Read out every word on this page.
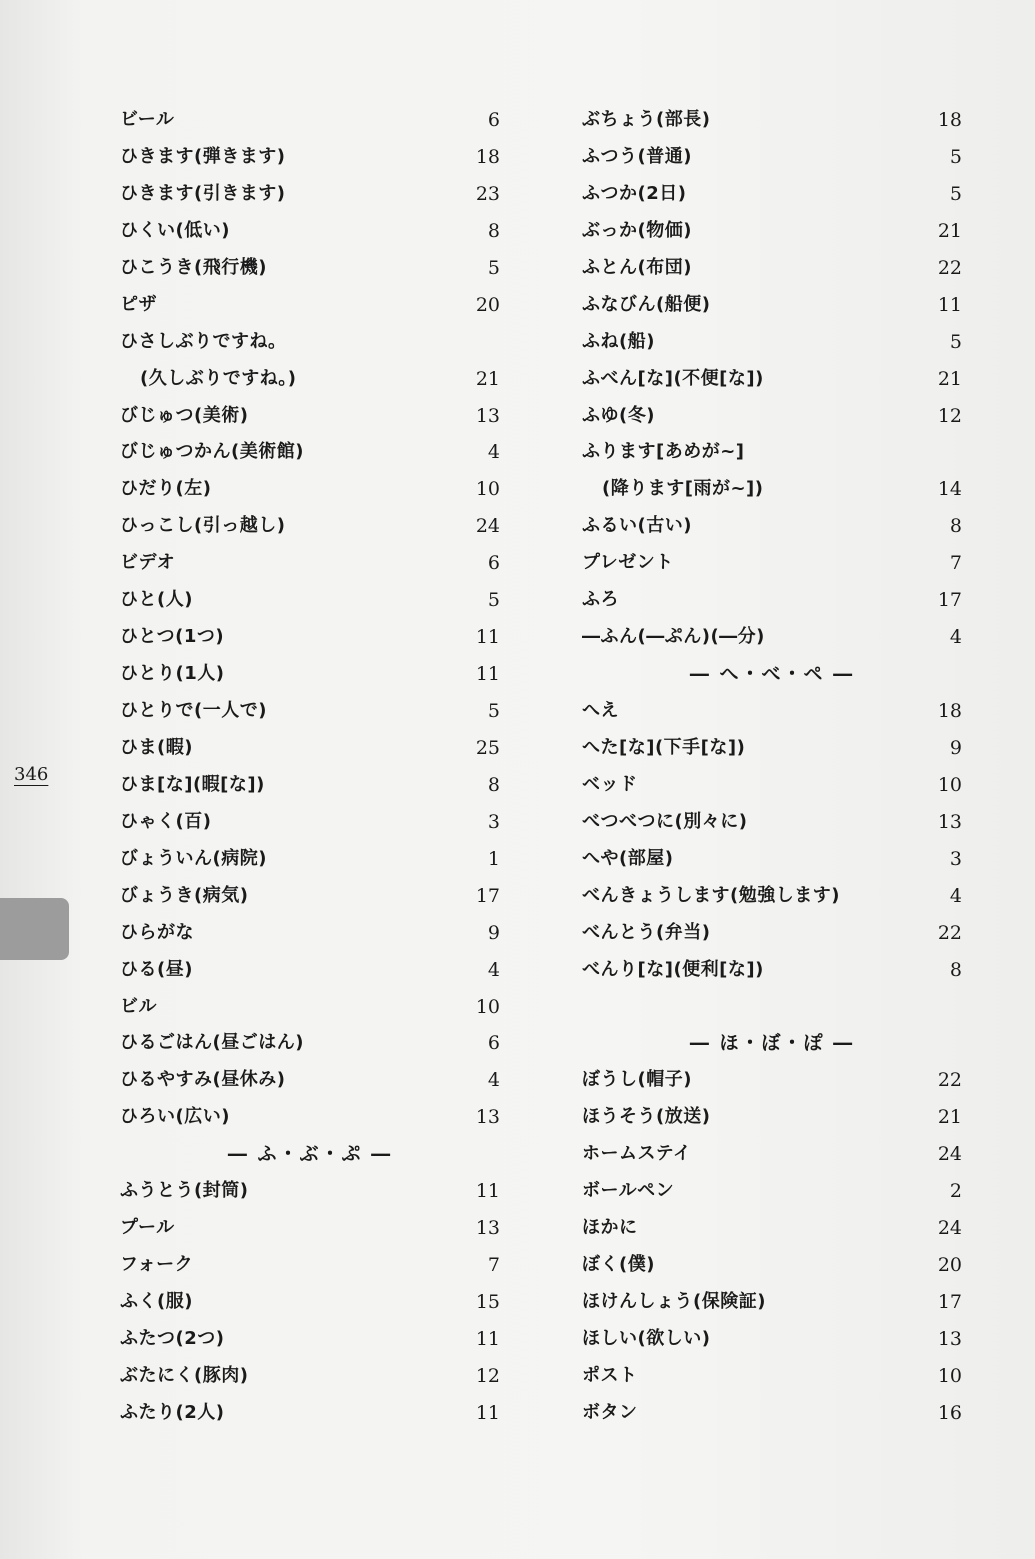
ビール	6
ひきます(弾きます)	18
ひきます(引きます)	23
ひくい(低い)	8
ひこうき(飛行機)	5
ピザ	20
ひさしぶりですね。
(久しぶりですね。)	21
びじゅつ(美術)	13
びじゅつかん(美術館)	4
ひだり(左)	10
ひっこし(引っ越し)	24
ビデオ	6
ひと(人)	5
ひとつ(1つ)	11
ひとり(1人)	11
ひとりで(一人で)	5
ひま(暇)	25
ひま[な](暇[な])	8
ひゃく(百)	3
びょういん(病院)	1
びょうき(病気)	17
ひらがな	9
ひる(昼)	4
ビル	10
ひるごはん(昼ごはん)	6
ひるやすみ(昼休み)	4
ひろい(広い)	13
― ふ・ぶ・ぷ ―
ふうとう(封筒)	11
プール	13
フォーク	7
ふく(服)	15
ふたつ(2つ)	11
ぶたにく(豚肉)	12
ふたり(2人)	11
ぶちょう(部長)	18
ふつう(普通)	5
ふつか(2日)	5
ぶっか(物価)	21
ふとん(布団)	22
ふなびん(船便)	11
ふね(船)	5
ふべん[な](不便[な])	21
ふゆ(冬)	12
ふります[あめが~]
(降ります[雨が~])	14
ふるい(古い)	8
プレゼント	7
ふろ	17
―ふん(―ぷん)(―分)	4
― へ・べ・ペ ―
へえ	18
へた[な](下手[な])	9
ベッド	10
べつべつに(別々に)	13
へや(部屋)	3
べんきょうします(勉強します)	4
べんとう(弁当)	22
べんり[な](便利[な])	8
― ほ・ぼ・ぽ ―
ぼうし(帽子)	22
ほうそう(放送)	21
ホームステイ	24
ボールペン	2
ほかに	24
ぼく(僕)	20
ほけんしょう(保険証)	17
ほしい(欲しい)	13
ポスト	10
ボタン	16
346
